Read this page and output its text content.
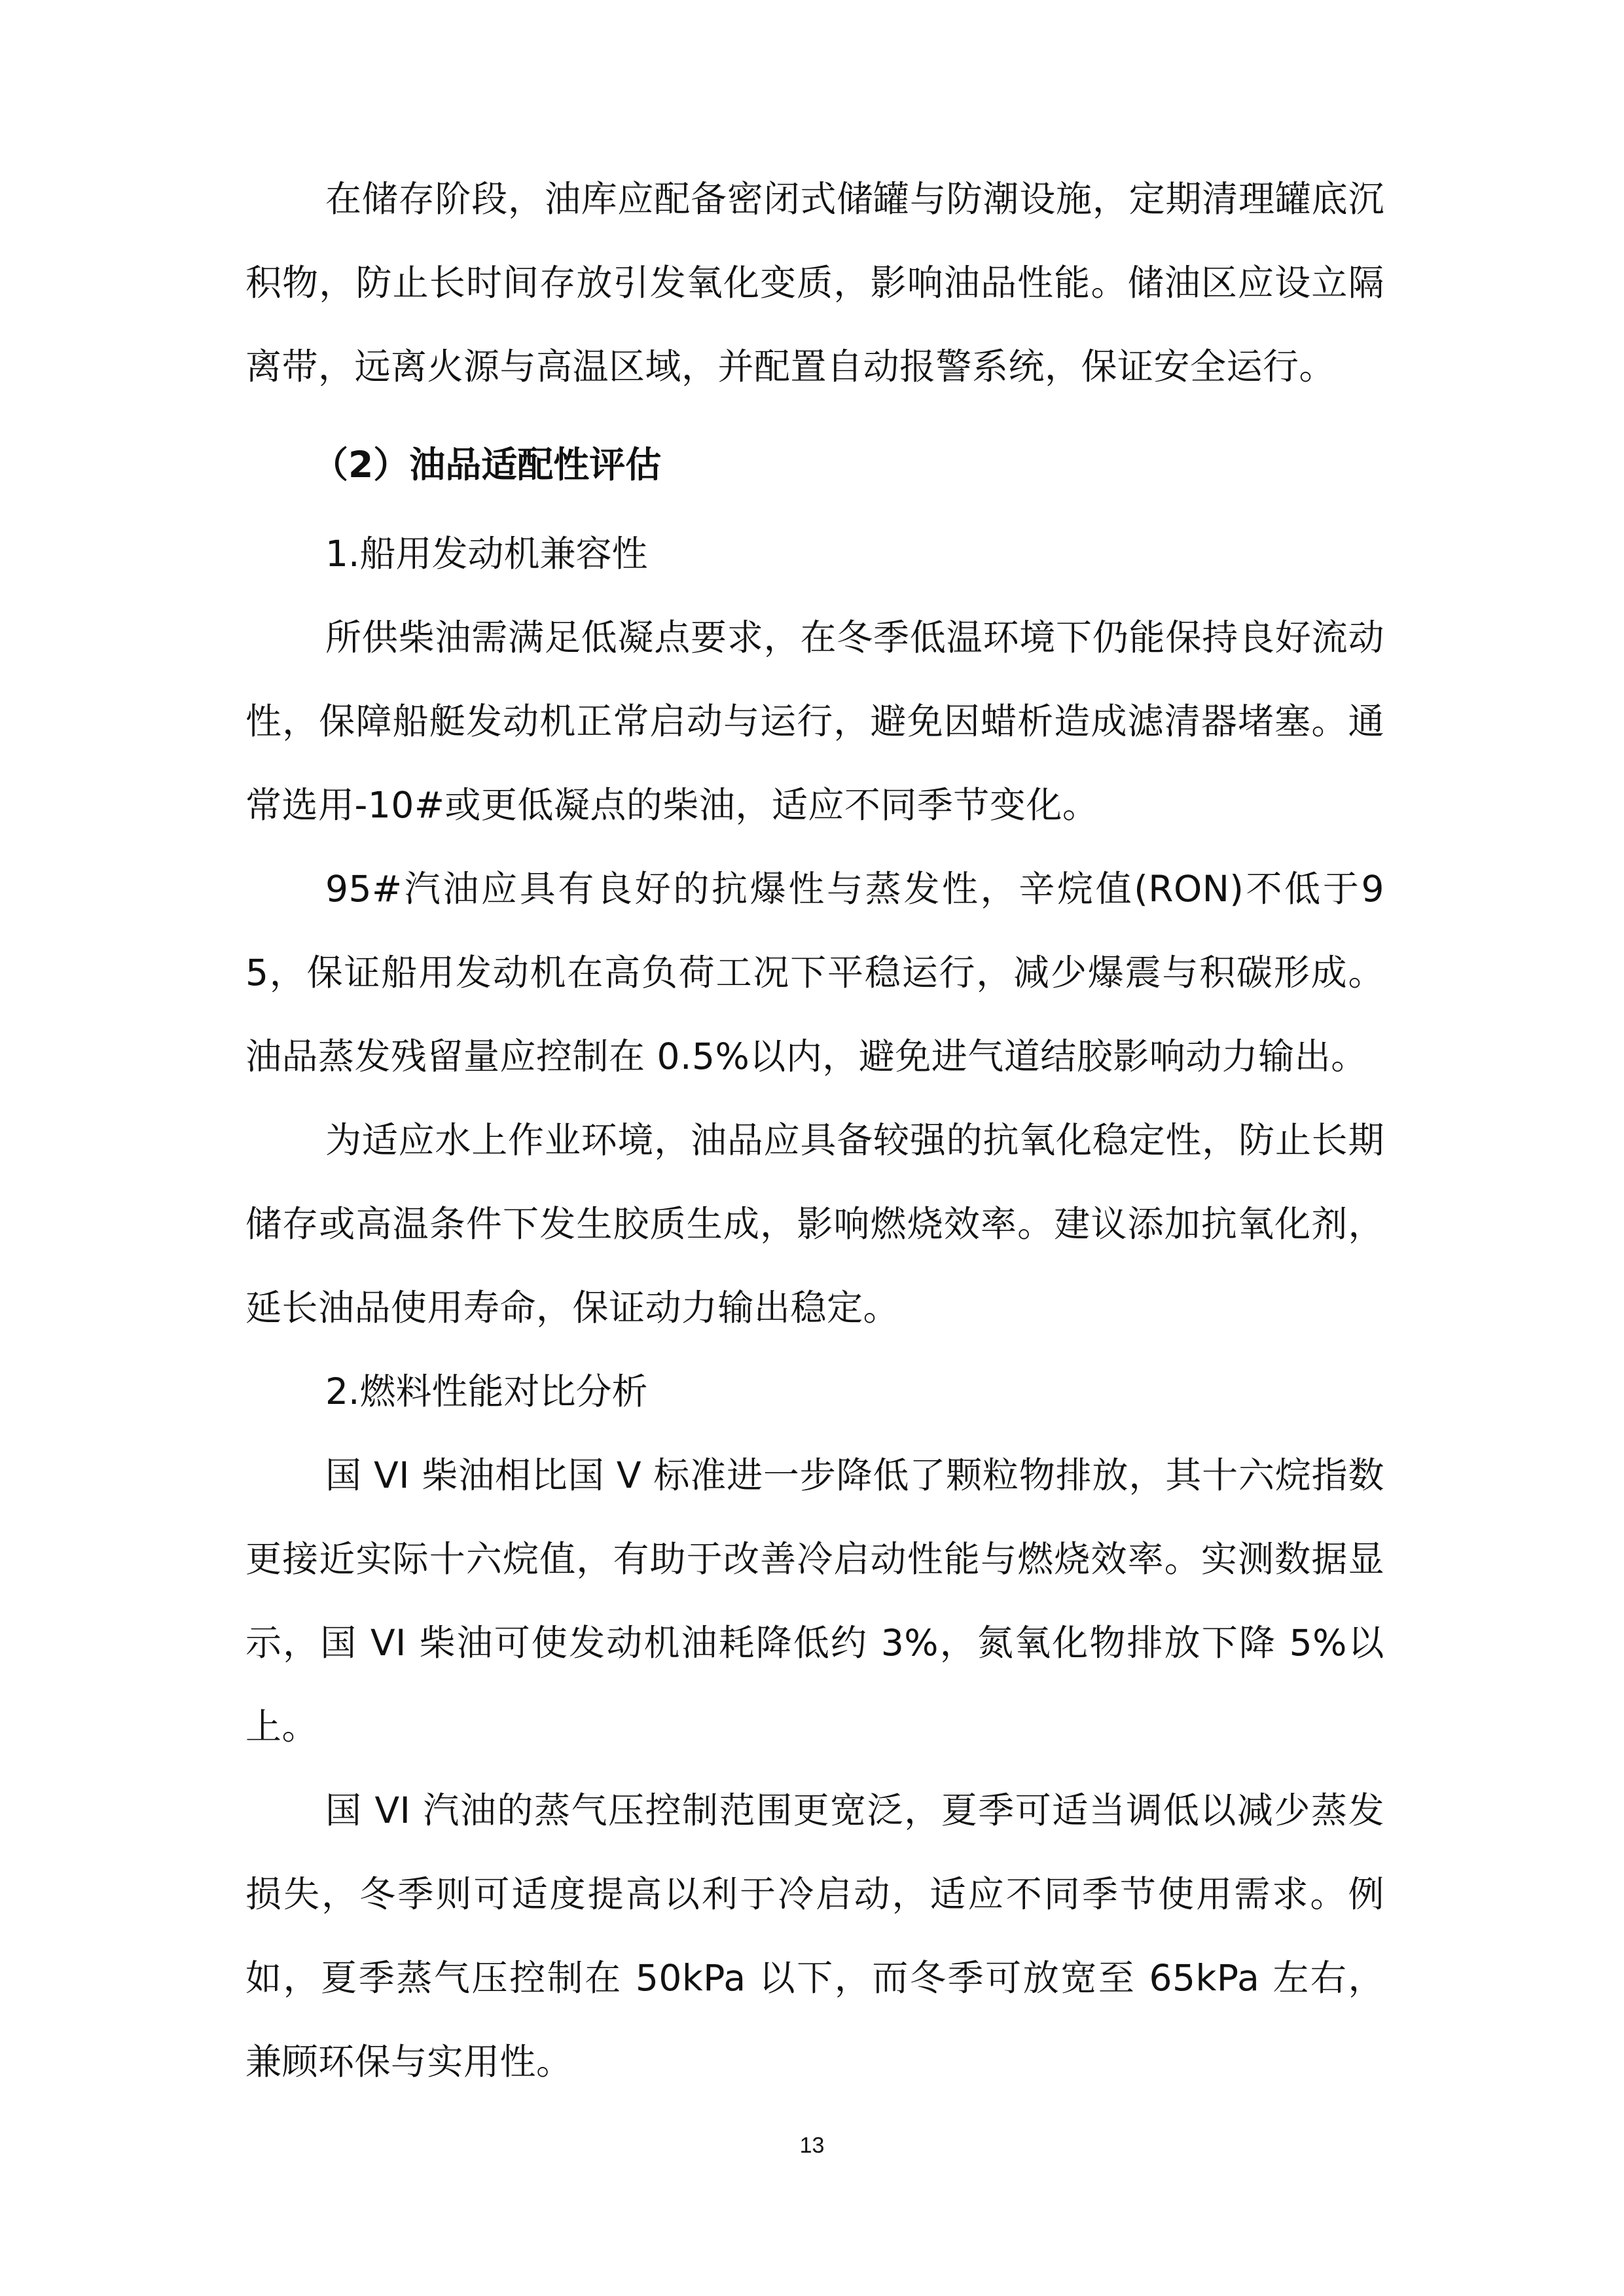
在储存阶段，油库应配备密闭式储罐与防潮设施，定期清理罐底沉积物，防止长时间存放引发氧化变质，影响油品性能。储油区应设立隔离带，远离火源与高温区域，并配置自动报警系统，保证安全运行。

（2）油品适配性评估

1.船用发动机兼容性

所供柴油需满足低凝点要求，在冬季低温环境下仍能保持良好流动性，保障船艇发动机正常启动与运行，避免因蜡析造成滤清器堵塞。通常选用-10#或更低凝点的柴油，适应不同季节变化。

95#汽油应具有良好的抗爆性与蒸发性，辛烷值(RON)不低于95，保证船用发动机在高负荷工况下平稳运行，减少爆震与积碳形成。油品蒸发残留量应控制在 0.5%以内，避免进气道结胶影响动力输出。

为适应水上作业环境，油品应具备较强的抗氧化稳定性，防止长期储存或高温条件下发生胶质生成，影响燃烧效率。建议添加抗氧化剂，延长油品使用寿命，保证动力输出稳定。

2.燃料性能对比分析

国 VI 柴油相比国 V 标准进一步降低了颗粒物排放，其十六烷指数更接近实际十六烷值，有助于改善冷启动性能与燃烧效率。实测数据显示，国 VI 柴油可使发动机油耗降低约 3%，氮氧化物排放下降 5%以上。

国 VI 汽油的蒸气压控制范围更宽泛，夏季可适当调低以减少蒸发损失，冬季则可适度提高以利于冷启动，适应不同季节使用需求。例如，夏季蒸气压控制在 50kPa 以下，而冬季可放宽至 65kPa 左右，兼顾环保与实用性。

13
